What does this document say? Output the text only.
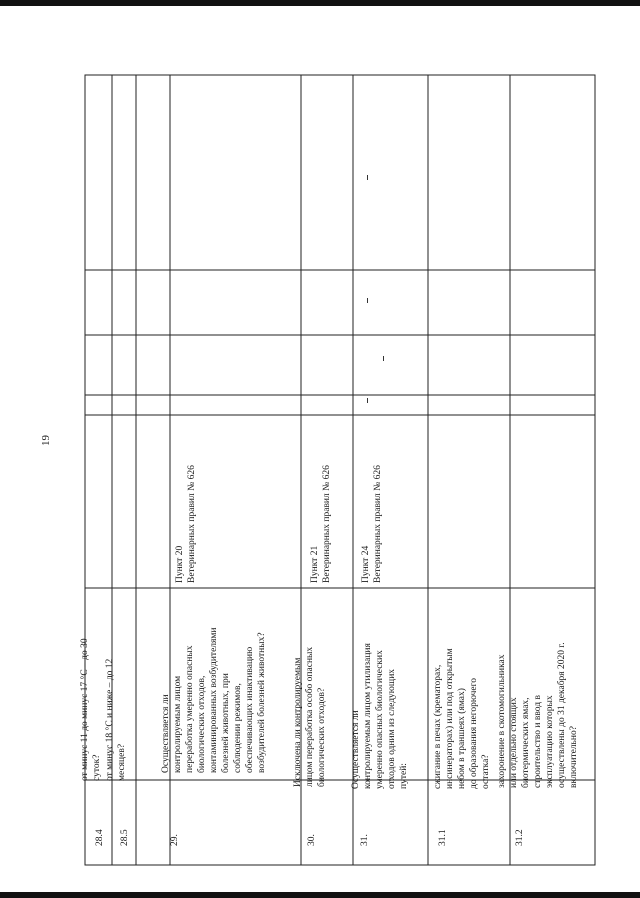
19
28.4
от минус 11 до минус 17 °C – до 30 суток?
28.5
от минус 18 °C и ниже – до 12 месяцев?
29.
Осуществляется ли контролируемым лицом переработка умеренно опасных биологических отходов, контаминированных возбудителями болезней животных, при соблюдении режимов, обеспечивающих инактивацию возбудителей болезней животных?
Пункт 20 Ветеринарных правил № 626
30.
Исключена ли контролируемым лицом переработка особо опасных биологических отходов?
Пункт 21 Ветеринарных правил № 626
31.
Осуществляется ли контролируемым лицом утилизация умеренно опасных биологических отходов одним из следующих путей:
Пункт 24 Ветеринарных правил № 626
31.1
сжигание в печах (крематорах, инсинераторах) или под открытым небом в траншеях (ямах) до образования негорючего остатка?
31.2
захоронение в скотомогильниках или отдельно стоящих биотермических ямах, строительство и ввод в эксплуатацию которых осуществлены до 31 декабря 2020 г. включительно?
